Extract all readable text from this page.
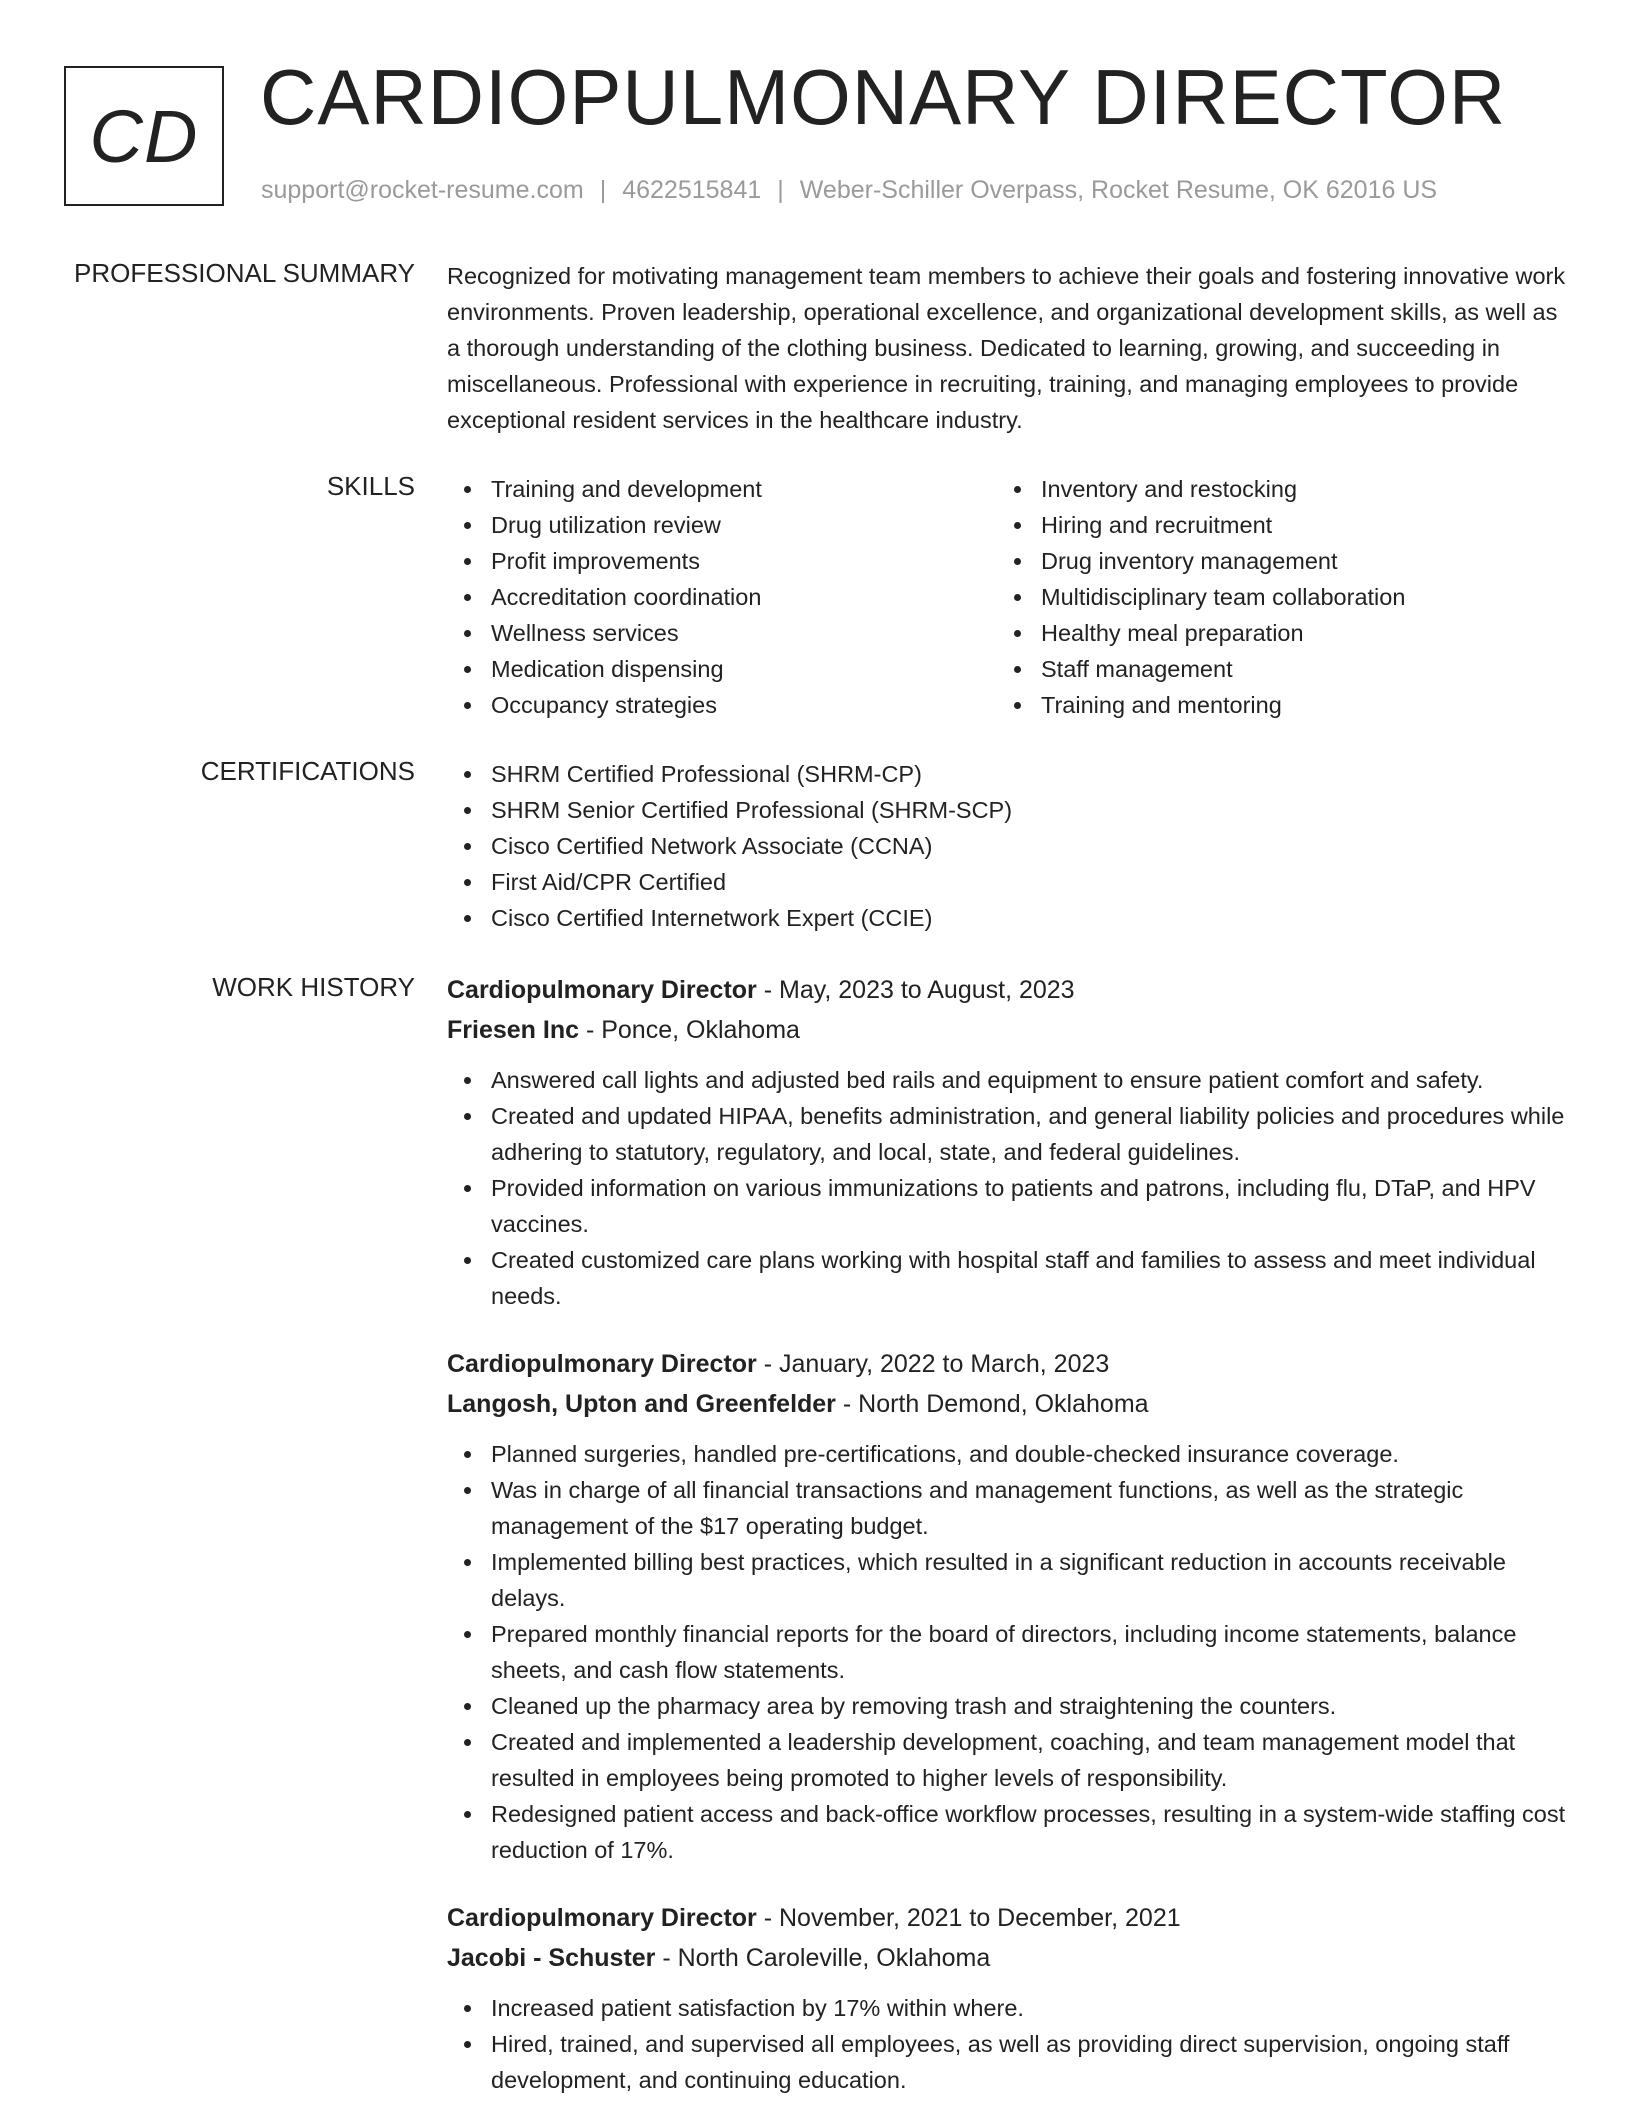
CD CARDIOPULMONARY DIRECTOR
support@rocket-resume.com | 4622515841 | Weber-Schiller Overpass, Rocket Resume, OK 62016 US
PROFESSIONAL SUMMARY Recognized for motivating management team members to achieve their goals and fostering innovative work environments. Proven leadership, operational excellence, and organizational development skills, as well as a thorough understanding of the clothing business. Dedicated to learning, growing, and succeeding in miscellaneous. Professional with experience in recruiting, training, and managing employees to provide exceptional resident services in the healthcare industry.

SKILLS	Training and development
Drug utilization review
Profit improvements
Accreditation coordination
Wellness services
Medication dispensing
Occupancy strategies
Inventory and restocking
Hiring and recruitment
Drug inventory management
Multidisciplinary team collaboration
Healthy meal preparation
Staff management
Training and mentoring
CERTIFICATIONS	SHRM Certified Professional (SHRM-CP)
SHRM Senior Certified Professional (SHRM-SCP)
Cisco Certified Network Associate (CCNA)
First Aid/CPR Certified
Cisco Certified Internetwork Expert (CCIE)
WORK HISTORY Cardiopulmonary Director - May, 2023 to August, 2023
Friesen Inc - Ponce, Oklahoma
Answered call lights and adjusted bed rails and equipment to ensure patient comfort and safety.
Created and updated HIPAA, benefits administration, and general liability policies and procedures while adhering to statutory, regulatory, and local, state, and federal guidelines.
Provided information on various immunizations to patients and patrons, including flu, DTaP, and HPV vaccines.
Created customized care plans working with hospital staff and families to assess and meet individual needs.
Cardiopulmonary Director - January, 2022 to March, 2023
Langosh, Upton and Greenfelder - North Demond, Oklahoma
Planned surgeries, handled pre-certifications, and double-checked insurance coverage.
Was in charge of all financial transactions and management functions, as well as the strategic management of the $17 operating budget.
Implemented billing best practices, which resulted in a significant reduction in accounts receivable delays.
Prepared monthly financial reports for the board of directors, including income statements, balance sheets, and cash flow statements.
Cleaned up the pharmacy area by removing trash and straightening the counters.
Created and implemented a leadership development, coaching, and team management model that resulted in employees being promoted to higher levels of responsibility.
Redesigned patient access and back-office workflow processes, resulting in a system-wide staffing cost reduction of 17%.
Cardiopulmonary Director - November, 2021 to December, 2021
Jacobi - Schuster - North Caroleville, Oklahoma
Increased patient satisfaction by 17% within where.
Hired, trained, and supervised all employees, as well as providing direct supervision, ongoing staff development, and continuing education.
